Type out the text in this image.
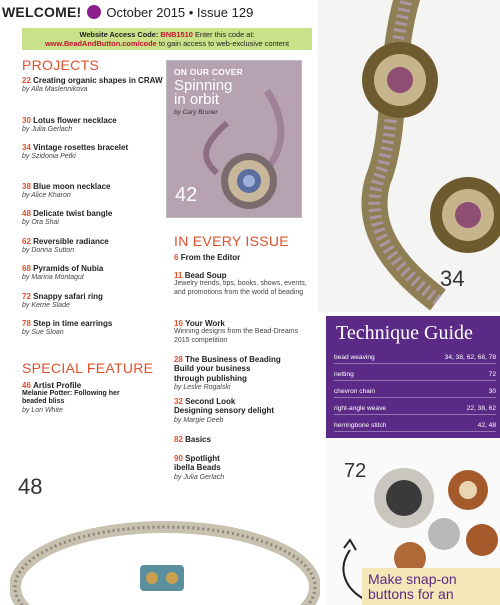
WELCOME! October 2015 • Issue 129
Website Access Code: BNB1510 Enter this code at:
www.BeadAndButton.com/code to gain access to web-exclusive content
PROJECTS
22 Creating organic shapes in CRAW
by Alla Maslennikova
30 Lotus flower necklace
by Julia Gerlach
34 Vintage rosettes bracelet
by Szidonia Petki
38 Blue moon necklace
by Alice Kharon
48 Delicate twist bangle
by Ora Shai
62 Reversible radiance
by Donna Sutton
68 Pyramids of Nubia
by Marina Montagut
72 Snappy safari ring
by Kerrie Slade
78 Step in time earrings
by Sue Sloan
SPECIAL FEATURE
46 Artist Profile
Melanie Potter: Following her beaded bliss
by Lori White
ON OUR COVER
Spinning in orbit
by Cary Bruner
42
IN EVERY ISSUE
6 From the Editor
11 Bead Soup
Jewelry trends, tips, books, shows, events, and promotions from the world of beading
16 Your Work
Winning designs from the Bead-Dreams 2015 competition
28 The Business of Beading
Build your business through publishing
by Leslie Rogalski
32 Second Look
Designing sensory delight
by Margie Deeb
82 Basics
90 Spotlight
ibella Beads
by Julia Gerlach
34
Technique Guide
bead weaving	34, 38, 62, 68, 78
netting	72
chevron chain	30
right-angle weave	22, 38, 62
herringbone stitch	42, 48
72
Make snap-on buttons for an
48
